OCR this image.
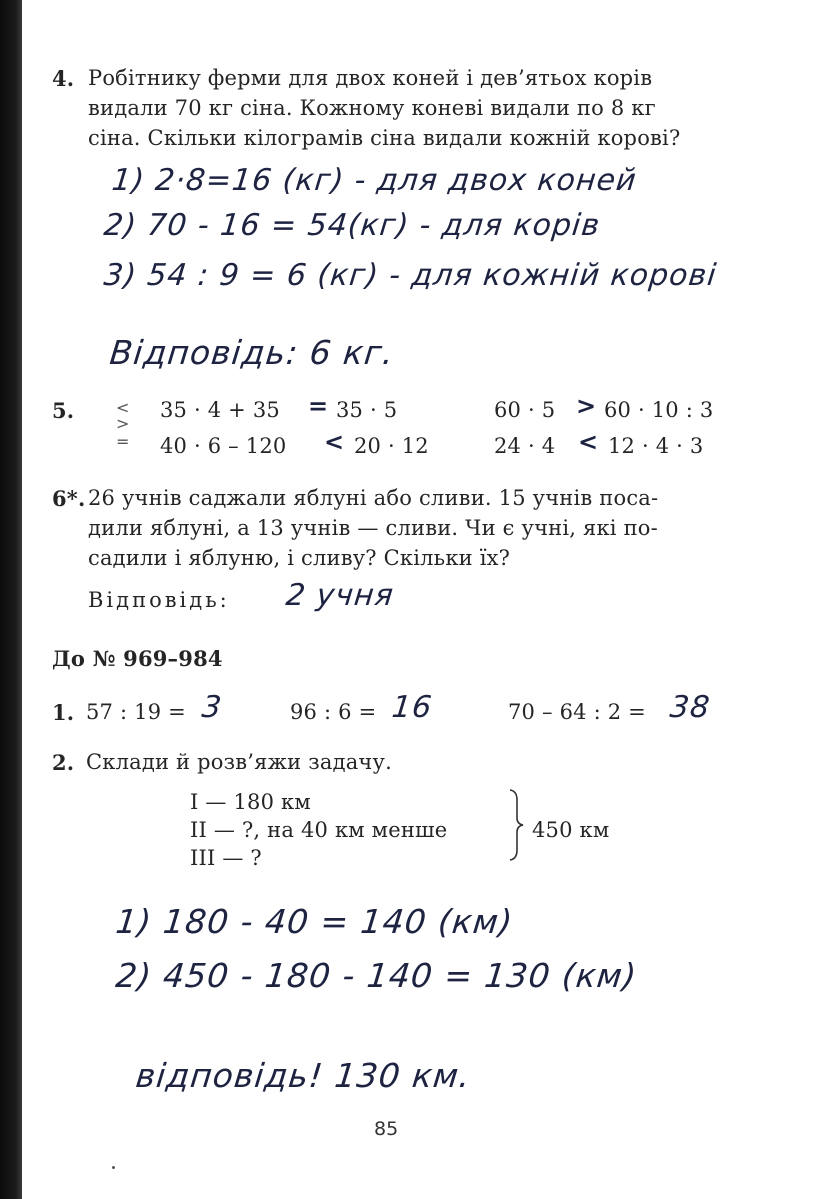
4. Робітнику ферми для двох коней і дев’ятьох корів
видали 70 кг сіна. Кожному коневі видали по 8 кг
сіна. Скільки кілограмів сіна видали кожній корові?
1) 2·8=16 (кг) - для двох коней
2) 70 - 16 = 54(кг) - для корів
3) 54 : 9 = 6 (кг) - для кожній корові
Відповідь: 6 кг.
5.	<
>
=
35 · 4 + 35 = 35 · 5	60 · 5 > 60 · 10 : 3
40 · 6 – 120 < 20 · 12	24 · 4 < 12 · 4 · 3
6*. 26 учнів саджали яблуні або сливи. 15 учнів поса-
дили яблуні, а 13 учнів — сливи. Чи є учні, які по-
садили і яблуню, і сливу? Скільки їх?
Відповідь: 2 учня
До № 969–984
1. 57 : 19 = 3	96 : 6 = 16	70 – 64 : 2 = 38
2. Склади й розв’яжи задачу.
I — 180 км
II — ?, на 40 км менше
III — ?
450 км
1) 180 - 40 = 140 (км)
2) 450 - 180 - 140 = 130 (км)
відповідь! 130 км.
85
